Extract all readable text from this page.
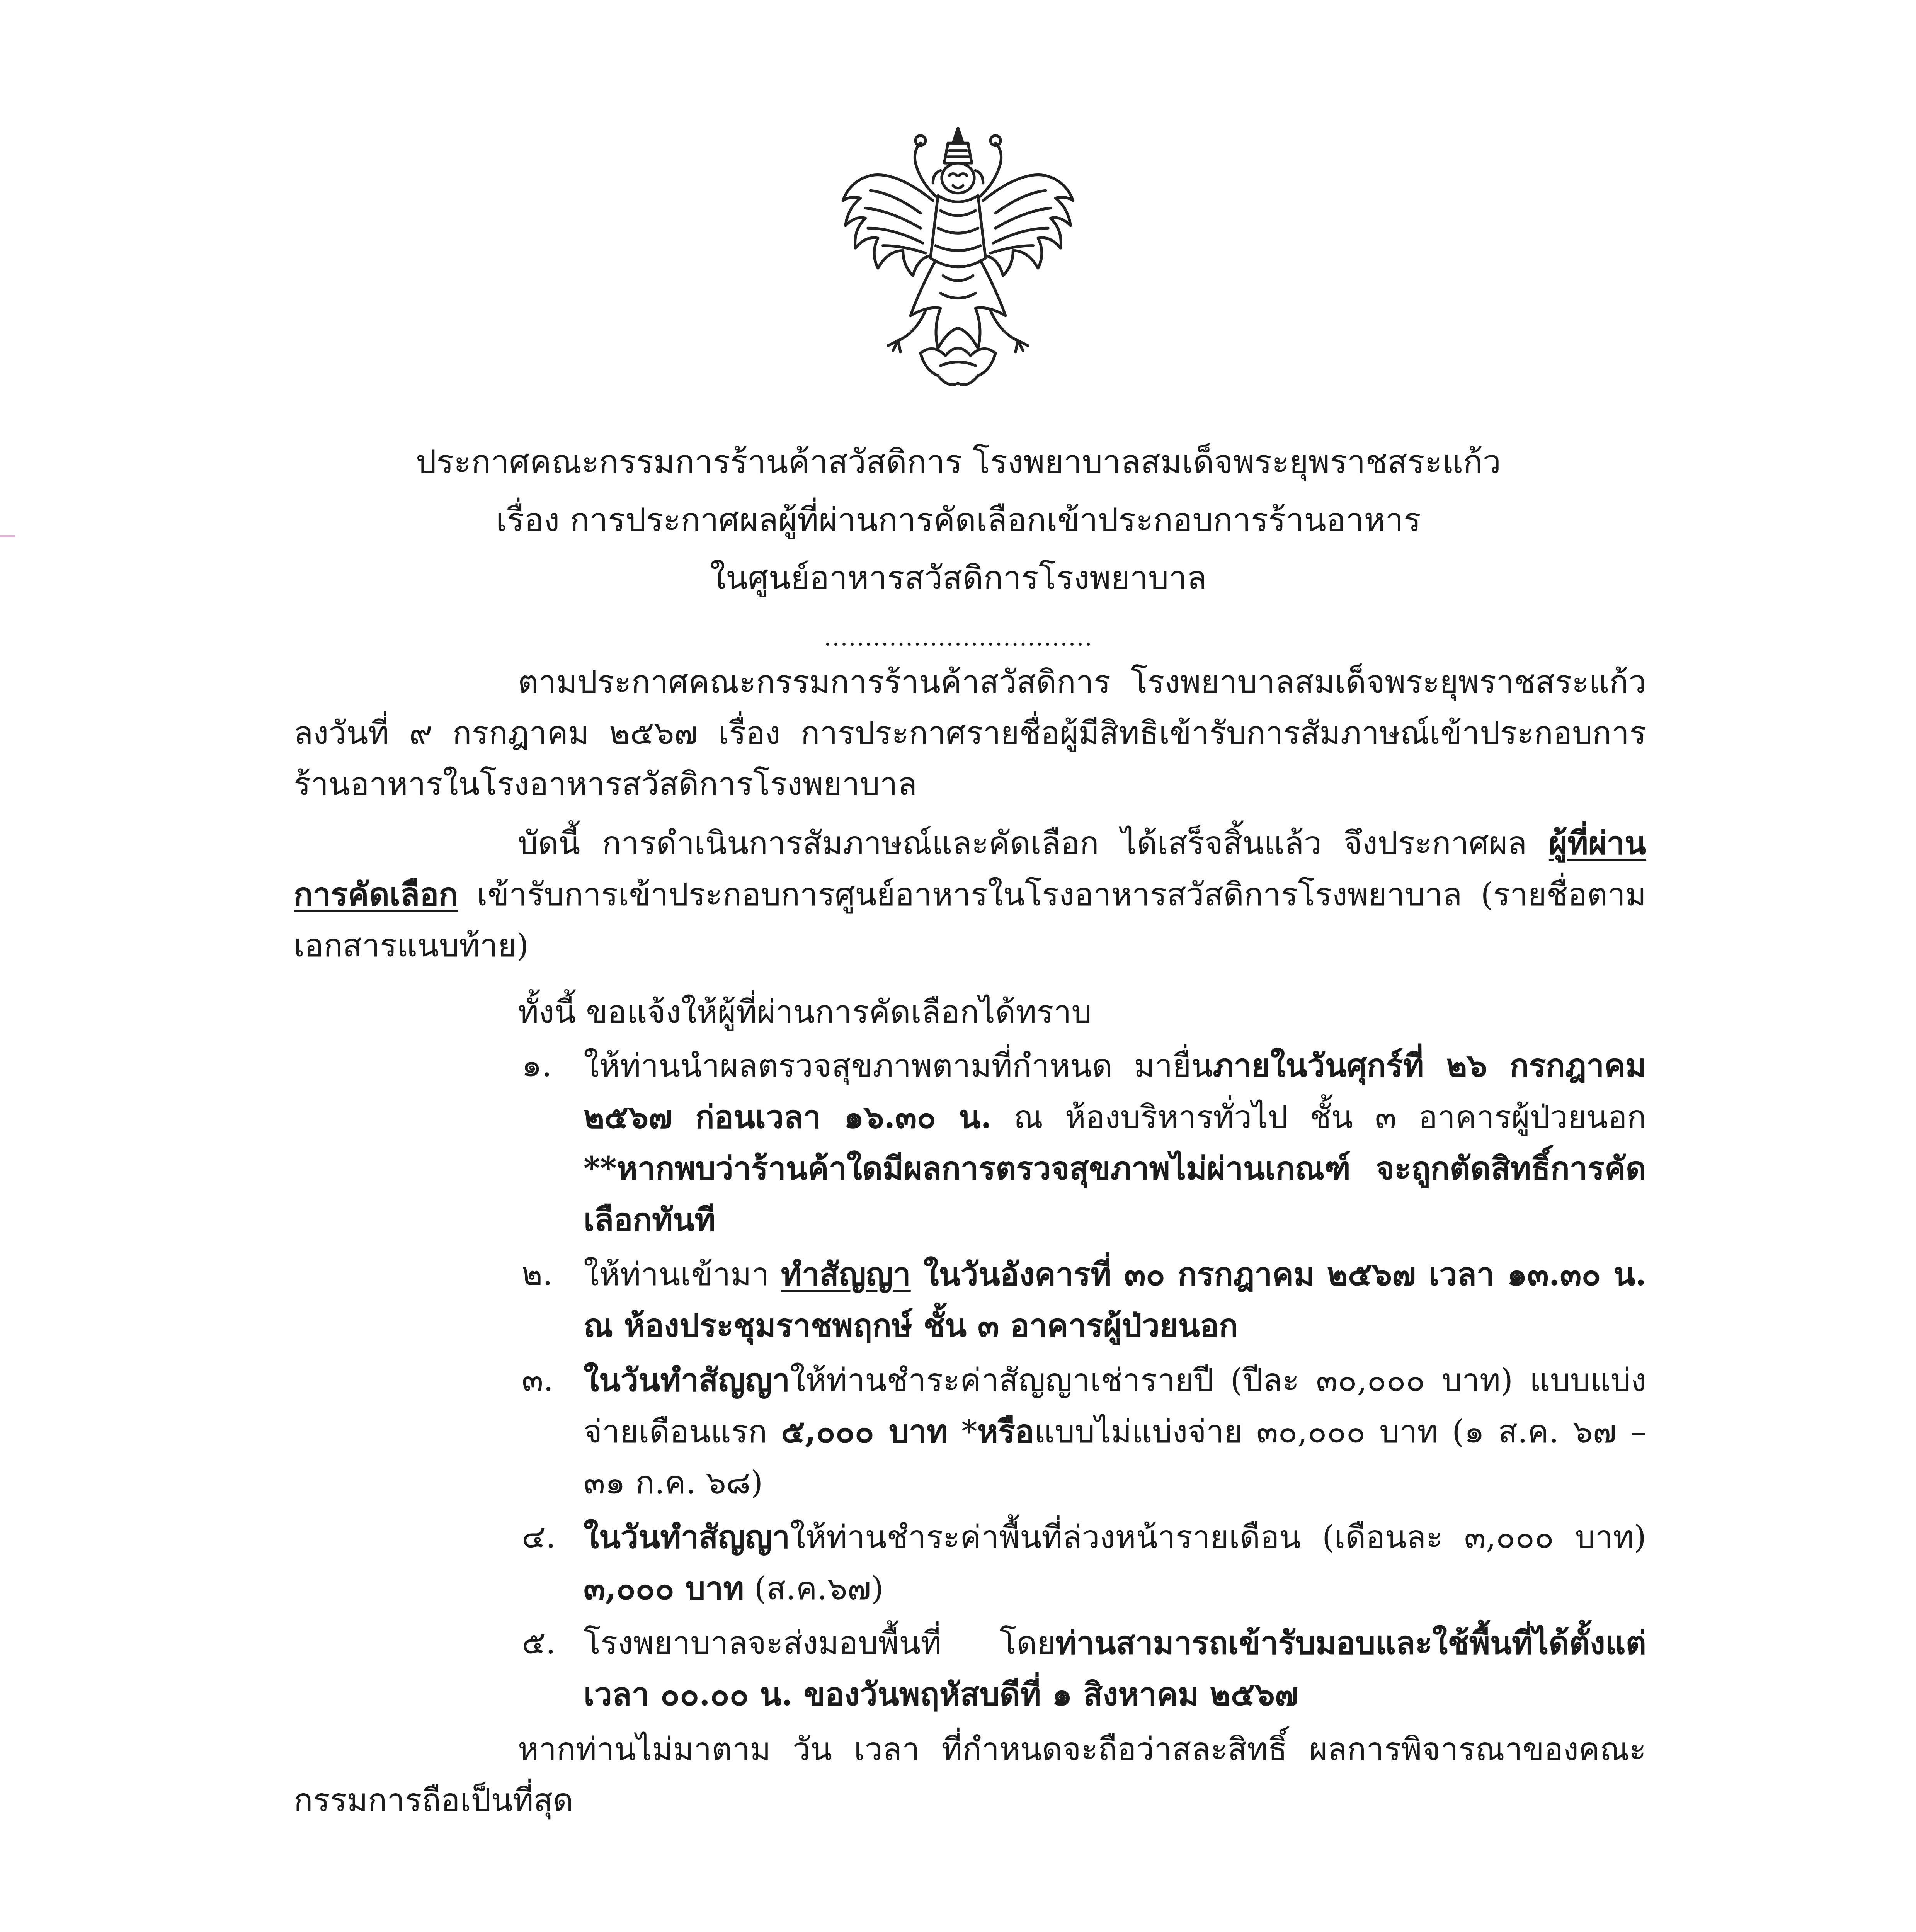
ประกาศคณะกรรมการร้านค้าสวัสดิการ โรงพยาบาลสมเด็จพระยุพราชสระแก้ว
เรื่อง การประกาศผลผู้ที่ผ่านการคัดเลือกเข้าประกอบการร้านอาหาร
ในศูนย์อาหารสวัสดิการโรงพยาบาล
.................................

ตามประกาศคณะกรรมการร้านค้าสวัสดิการ โรงพยาบาลสมเด็จพระยุพราชสระแก้ว ลงวันที่ ๙ กรกฎาคม ๒๕๖๗ เรื่อง การประกาศรายชื่อผู้มีสิทธิเข้ารับการสัมภาษณ์เข้าประกอบการร้านอาหารในโรงอาหารสวัสดิการโรงพยาบาล

บัดนี้ การดำเนินการสัมภาษณ์และคัดเลือก ได้เสร็จสิ้นแล้ว จึงประกาศผล ผู้ที่ผ่านการคัดเลือก เข้ารับการเข้าประกอบการศูนย์อาหารในโรงอาหารสวัสดิการโรงพยาบาล (รายชื่อตามเอกสารแนบท้าย)

ทั้งนี้ ขอแจ้งให้ผู้ที่ผ่านการคัดเลือกได้ทราบ

๑. ให้ท่านนำผลตรวจสุขภาพตามที่กำหนด มายื่นภายในวันศุกร์ที่ ๒๖ กรกฎาคม ๒๕๖๗ ก่อนเวลา ๑๖.๓๐ น. ณ ห้องบริหารทั่วไป ชั้น ๓ อาคารผู้ป่วยนอก **หากพบว่าร้านค้าใดมีผลการตรวจสุขภาพไม่ผ่านเกณฑ์ จะถูกตัดสิทธิ์การคัดเลือกทันที
๒. ให้ท่านเข้ามา ทำสัญญา ในวันอังคารที่ ๓๐ กรกฎาคม ๒๕๖๗ เวลา ๑๓.๓๐ น. ณ ห้องประชุมราชพฤกษ์ ชั้น ๓ อาคารผู้ป่วยนอก
๓. ในวันทำสัญญาให้ท่านชำระค่าสัญญาเช่ารายปี (ปีละ ๓๐,๐๐๐ บาท) แบบแบ่งจ่ายเดือนแรก ๕,๐๐๐ บาท *หรือแบบไม่แบ่งจ่าย ๓๐,๐๐๐ บาท (๑ ส.ค. ๖๗ – ๓๑ ก.ค. ๖๘)
๔. ในวันทำสัญญาให้ท่านชำระค่าพื้นที่ล่วงหน้ารายเดือน (เดือนละ ๓,๐๐๐ บาท) ๓,๐๐๐ บาท (ส.ค.๖๗)
๕. โรงพยาบาลจะส่งมอบพื้นที่ โดยท่านสามารถเข้ารับมอบและใช้พื้นที่ได้ตั้งแต่เวลา ๐๐.๐๐ น. ของวันพฤหัสบดีที่ ๑ สิงหาคม ๒๕๖๗

หากท่านไม่มาตาม วัน เวลา ที่กำหนดจะถือว่าสละสิทธิ์ ผลการพิจารณาของคณะกรรมการถือเป็นที่สุด
